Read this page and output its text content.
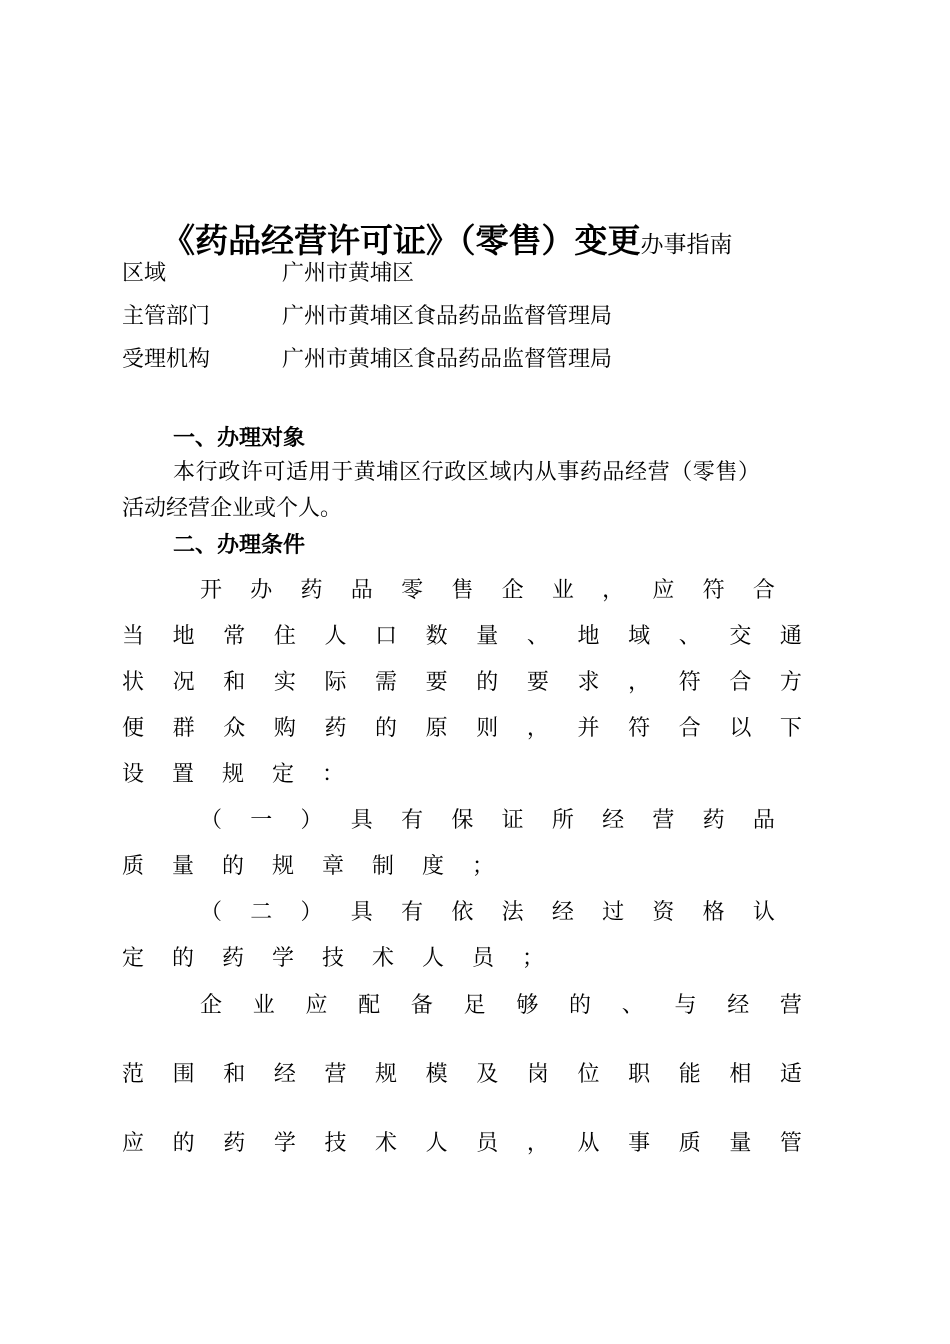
《药品经营许可证》（零售）变更办事指南
区域	广州市黄埔区
主管部门	广州市黄埔区食品药品监督管理局
受理机构	广州市黄埔区食品药品监督管理局
一、办理对象
本行政许可适用于黄埔区行政区域内从事药品经营（零售）
活动经营企业或个人。
二、办理条件
开 办 药 品 零 售 企 业 ， 应 符 合
当 地 常 住 人 口 数 量 、 地 域 、 交 通
状 况 和 实 际 需 要 的 要 求 ， 符 合 方
便 群 众 购 药 的 原 则 ， 并 符 合 以 下
设	置	规	定	：
（ 一 ） 具 有 保 证 所 经 营 药 品
质	量	的	规	章	制	度	；
（ 二 ） 具 有 依 法 经 过 资 格 认
定	的	药	学	技	术	人	员	；
企 业 应 配 备 足 够 的 、 与 经 营
范 围 和 经 营 规 模 及 岗 位 职 能 相 适
应 的 药 学 技 术 人 员 ， 从 事 质 量 管
